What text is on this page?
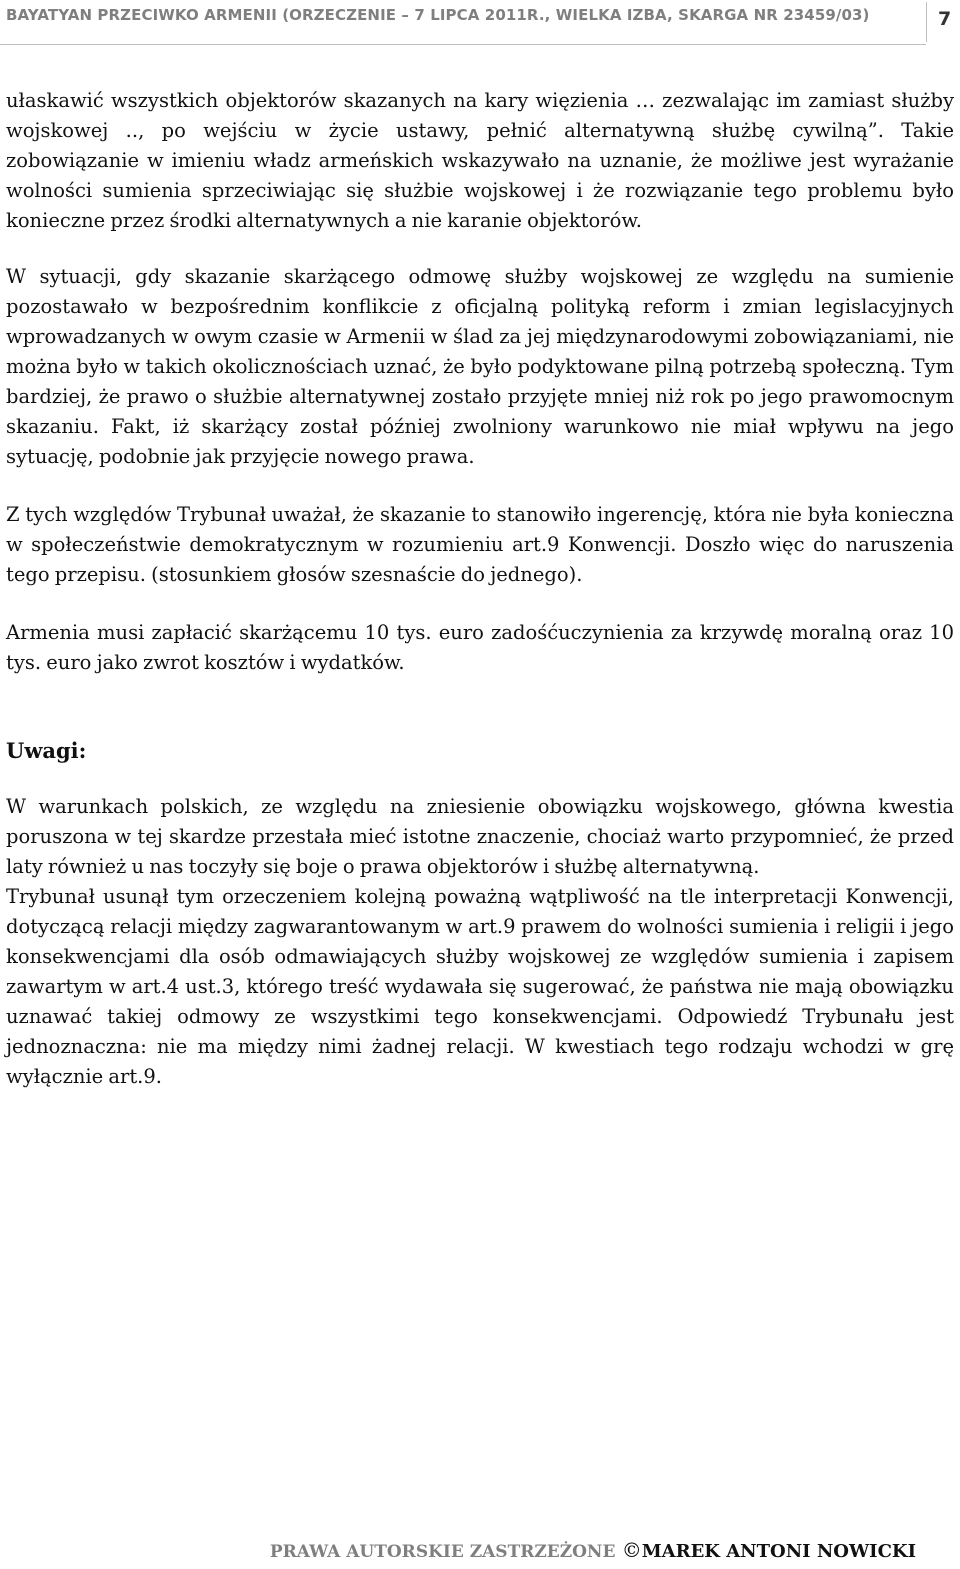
BAYATYAN PRZECIWKO ARMENII (ORZECZENIE – 7 LIPCA 2011R., WIELKA IZBA, SKARGA NR 23459/03)	7

ułaskawić wszystkich objektorów skazanych na kary więzienia … zezwalając im zamiast służby wojskowej .., po wejściu w życie ustawy, pełnić alternatywną służbę cywilną”. Takie zobowiązanie w imieniu władz armeńskich wskazywało na uznanie, że możliwe jest wyrażanie wolności sumienia sprzeciwiając się służbie wojskowej i że rozwiązanie tego problemu było konieczne przez środki alternatywnych a nie karanie objektorów.

W sytuacji, gdy skazanie skarżącego odmowę służby wojskowej ze względu na sumienie pozostawało w bezpośrednim konflikcie z oficjalną polityką reform i zmian legislacyjnych wprowadzanych w owym czasie w Armenii w ślad za jej międzynarodowymi zobowiązaniami, nie można było w takich okolicznościach uznać, że było podyktowane pilną potrzebą społeczną. Tym bardziej, że prawo o służbie alternatywnej zostało przyjęte mniej niż rok po jego prawomocnym skazaniu. Fakt, iż skarżący został później zwolniony warunkowo nie miał wpływu na jego sytuację, podobnie jak przyjęcie nowego prawa.

Z tych względów Trybunał uważał, że skazanie to stanowiło ingerencję, która nie była konieczna w społeczeństwie demokratycznym w rozumieniu art.9 Konwencji. Doszło więc do naruszenia tego przepisu. (stosunkiem głosów szesnaście do jednego).

Armenia musi zapłacić skarżącemu 10 tys. euro zadośćuczynienia za krzywdę moralną oraz 10 tys. euro jako zwrot kosztów i wydatków.

Uwagi:

W warunkach polskich, ze względu na zniesienie obowiązku wojskowego, główna kwestia poruszona w tej skardze przestała mieć istotne znaczenie, chociaż warto przypomnieć, że przed laty również u nas toczyły się boje o prawa objektorów i służbę alternatywną.

Trybunał usunął tym orzeczeniem kolejną poważną wątpliwość na tle interpretacji Konwencji, dotyczącą relacji między zagwarantowanym w art.9 prawem do wolności sumienia i religii i jego konsekwencjami dla osób odmawiających służby wojskowej ze względów sumienia i zapisem zawartym w art.4 ust.3, którego treść wydawała się sugerować, że państwa nie mają obowiązku uznawać takiej odmowy ze wszystkimi tego konsekwencjami. Odpowiedź Trybunału jest jednoznaczna: nie ma między nimi żadnej relacji. W kwestiach tego rodzaju wchodzi w grę wyłącznie art.9.

PRAWA AUTORSKIE ZASTRZEŻONE ©MAREK ANTONI NOWICKI
